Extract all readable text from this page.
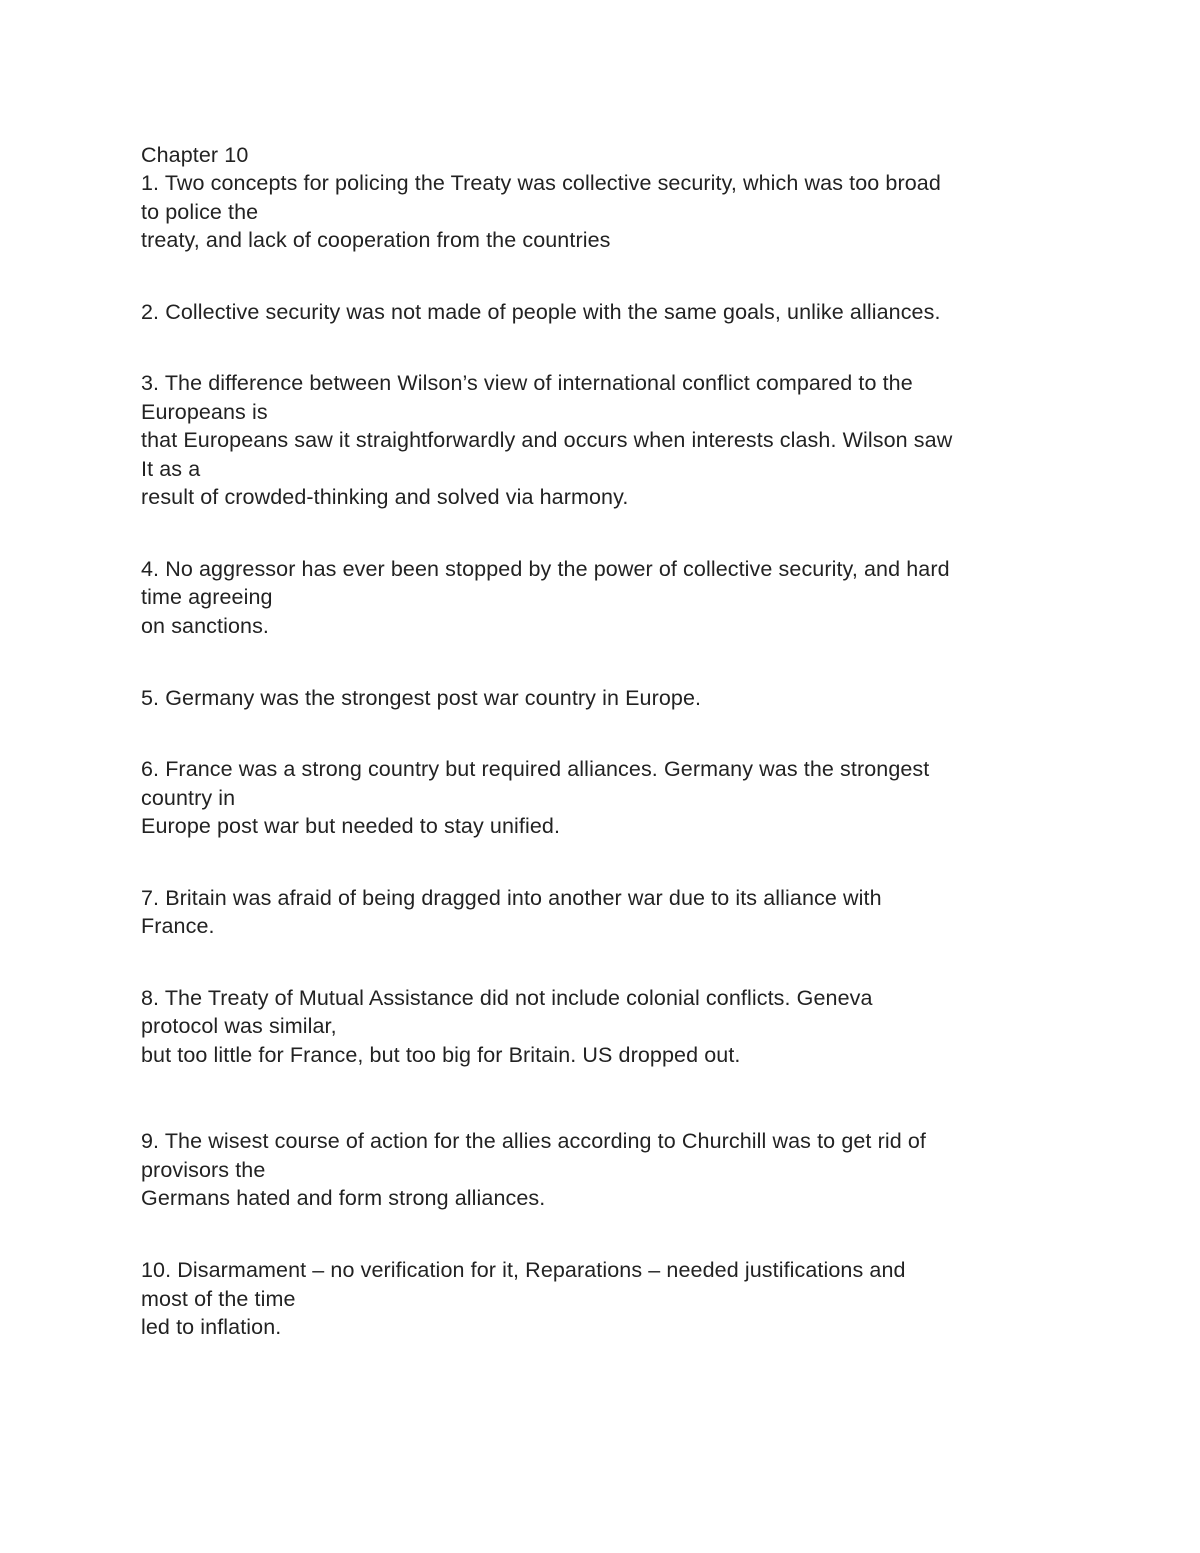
Chapter 10
1. Two concepts for policing the Treaty was collective security, which was too broad
to police the
treaty, and lack of cooperation from the countries
2. Collective security was not made of people with the same goals, unlike alliances.
3. The difference between Wilson’s view of international conflict compared to the
Europeans is
that Europeans saw it straightforwardly and occurs when interests clash. Wilson saw
It as a
result of crowded-thinking and solved via harmony.
4. No aggressor has ever been stopped by the power of collective security, and hard
time agreeing
on sanctions.
5. Germany was the strongest post war country in Europe.
6. France was a strong country but required alliances. Germany was the strongest
country in
Europe post war but needed to stay unified.
7. Britain was afraid of being dragged into another war due to its alliance with
France.
8. The Treaty of Mutual Assistance did not include colonial conflicts. Geneva
protocol was similar,
but too little for France, but too big for Britain. US dropped out.
9. The wisest course of action for the allies according to Churchill was to get rid of
provisors the
Germans hated and form strong alliances.
10. Disarmament – no verification for it, Reparations – needed justifications and
most of the time
led to inflation.
